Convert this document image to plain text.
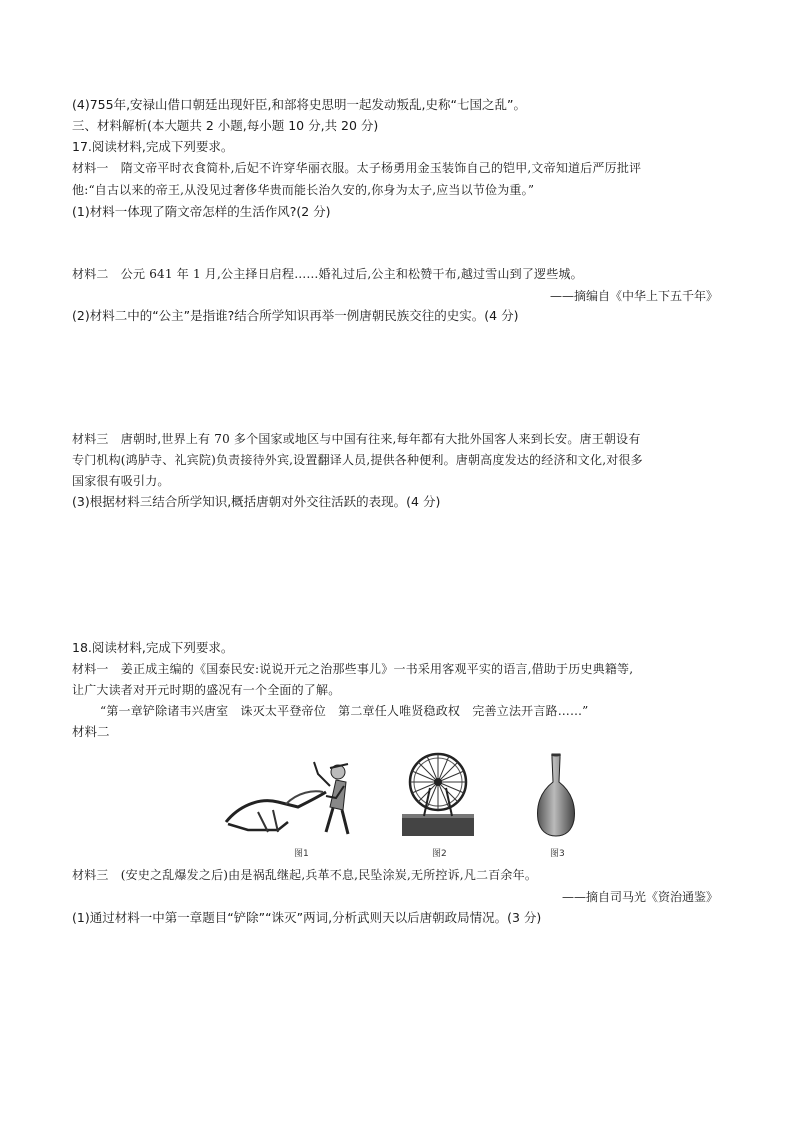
(4)755年,安禄山借口朝廷出现奸臣,和部将史思明一起发动叛乱,史称“七国之乱”。
三、材料解析(本大题共 2 小题,每小题 10 分,共 20 分)
17.阅读材料,完成下列要求。
材料一　隋文帝平时衣食简朴,后妃不许穿华丽衣服。太子杨勇用金玉装饰自己的铠甲,文帝知道后严厉批评
他:“自古以来的帝王,从没见过奢侈华贵而能长治久安的,你身为太子,应当以节俭为重。”
(1)材料一体现了隋文帝怎样的生活作风?(2 分)
材料二　公元 641 年 1 月,公主择日启程……婚礼过后,公主和松赞干布,越过雪山到了逻些城。
——摘编自《中华上下五千年》
(2)材料二中的“公主”是指谁?结合所学知识再举一例唐朝民族交往的史实。(4 分)
材料三　唐朝时,世界上有 70 多个国家或地区与中国有往来,每年都有大批外国客人来到长安。唐王朝设有
专门机构(鸿胪寺、礼宾院)负责接待外宾,设置翻译人员,提供各种便利。唐朝高度发达的经济和文化,对很多
国家很有吸引力。
(3)根据材料三结合所学知识,概括唐朝对外交往活跃的表现。(4 分)
18.阅读材料,完成下列要求。
材料一　姜正成主编的《国泰民安:说说开元之治那些事儿》一书采用客观平实的语言,借助于历史典籍等,
让广大读者对开元时期的盛况有一个全面的了解。
“第一章铲除诸韦兴唐室　诛灭太平登帝位　第二章任人唯贤稳政权　完善立法开言路……”
材料二
图1	图2	图3
材料三　(安史之乱爆发之后)由是祸乱继起,兵革不息,民坠涂炭,无所控诉,凡二百余年。
——摘自司马光《资治通鉴》
(1)通过材料一中第一章题目“铲除”“诛灭”两词,分析武则天以后唐朝政局情况。(3 分)
